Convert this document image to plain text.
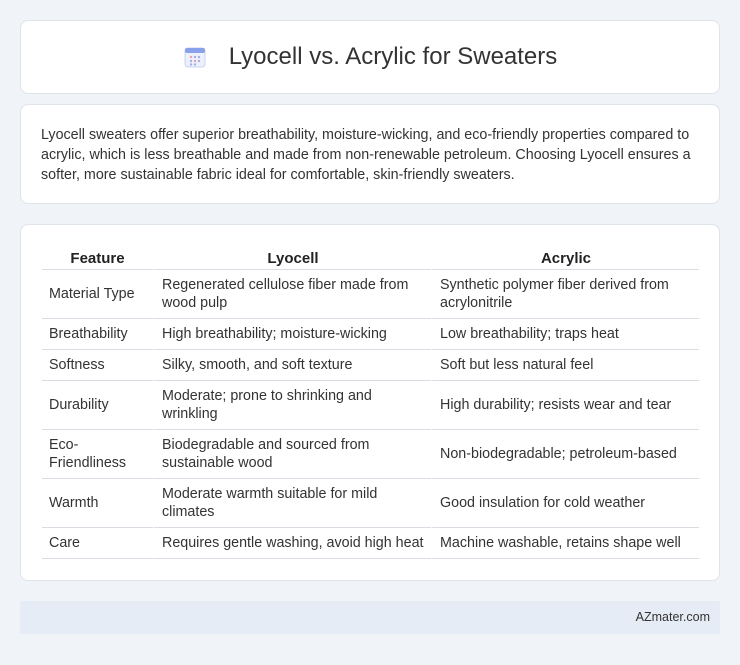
Lyocell vs. Acrylic for Sweaters

Lyocell sweaters offer superior breathability, moisture-wicking, and eco-friendly properties compared to acrylic, which is less breathable and made from non-renewable petroleum. Choosing Lyocell ensures a softer, more sustainable fabric ideal for comfortable, skin-friendly sweaters.

Feature	Lyocell	Acrylic
Material Type	Regenerated cellulose fiber made from wood pulp	Synthetic polymer fiber derived from acrylonitrile
Breathability	High breathability; moisture-wicking	Low breathability; traps heat
Softness	Silky, smooth, and soft texture	Soft but less natural feel
Durability	Moderate; prone to shrinking and wrinkling	High durability; resists wear and tear
Eco-Friendliness	Biodegradable and sourced from sustainable wood	Non-biodegradable; petroleum-based
Warmth	Moderate warmth suitable for mild climates	Good insulation for cold weather
Care	Requires gentle washing, avoid high heat	Machine washable, retains shape well
AZmater.com
